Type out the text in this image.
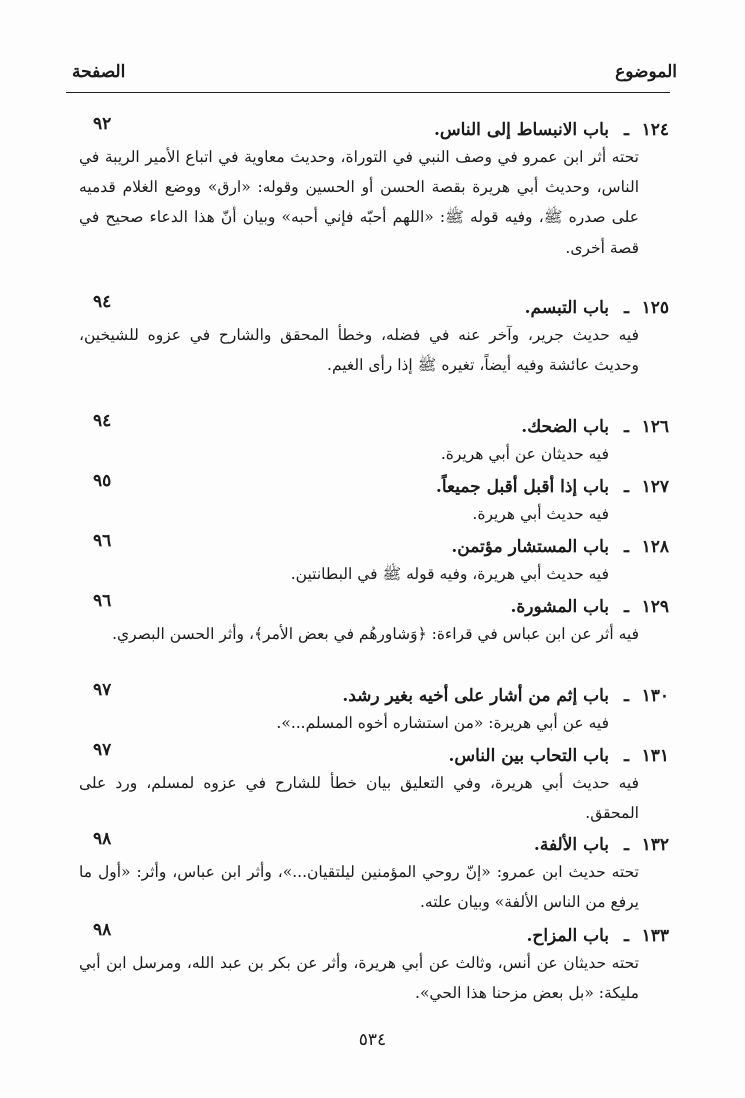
الموضوع
الصفحة
١٢٤
ـ
باب الانبساط إلى الناس.
٩٢
تحته أثر ابن عمرو في وصف النبي في التوراة، وحديث معاوية في اتباع الأمير الريبة في الناس، وحديث أبي هريرة بقصة الحسن أو الحسين وقوله: «ارق» ووضع الغلام قدميه على صدره ﷺ، وفيه قوله ﷺ: «اللهم أحبّه فإني أحبه» وبيان أنّ هذا الدعاء صحيح في قصة أخرى.
١٢٥
ـ
باب التبسم.
٩٤
فيه حديث جرير، وآخر عنه في فضله، وخطأ المحقق والشارح في عزوه للشيخين، وحديث عائشة وفيه أيضاً، تغيره ﷺ إذا رأى الغيم.
١٢٦
ـ
باب الضحك.
٩٤
فيه حديثان عن أبي هريرة.
١٢٧
ـ
باب إذا أقبل أقبل جميعاً.
٩٥
فيه حديث أبي هريرة.
١٢٨
ـ
باب المستشار مؤتمن.
٩٦
فيه حديث أبي هريرة، وفيه قوله ﷺ في البطانتين.
١٢٩
ـ
باب المشورة.
٩٦
فيه أثر عن ابن عباس في قراءة: ﴿وَشاورهُم في بعض الأمر﴾، وأثر الحسن البصري.
١٣٠
ـ
باب إثم من أشار على أخيه بغير رشد.
٩٧
فيه عن أبي هريرة: «من استشاره أخوه المسلم...».
١٣١
ـ
باب التحاب بين الناس.
٩٧
فيه حديث أبي هريرة، وفي التعليق بيان خطأ للشارح في عزوه لمسلم، ورد على المحقق.
١٣٢
ـ
باب الألفة.
٩٨
تحته حديث ابن عمرو: «إنّ روحي المؤمنين ليلتقيان...»، وأثر ابن عباس، وأثر: «أول ما يرفع من الناس الألفة» وبيان علته.
١٣٣
ـ
باب المزاح.
٩٨
تحته حديثان عن أنس، وثالث عن أبي هريرة، وأثر عن بكر بن عبد الله، ومرسل ابن أبي مليكة: «بل بعض مزحنا هذا الحي».
٥٣٤
